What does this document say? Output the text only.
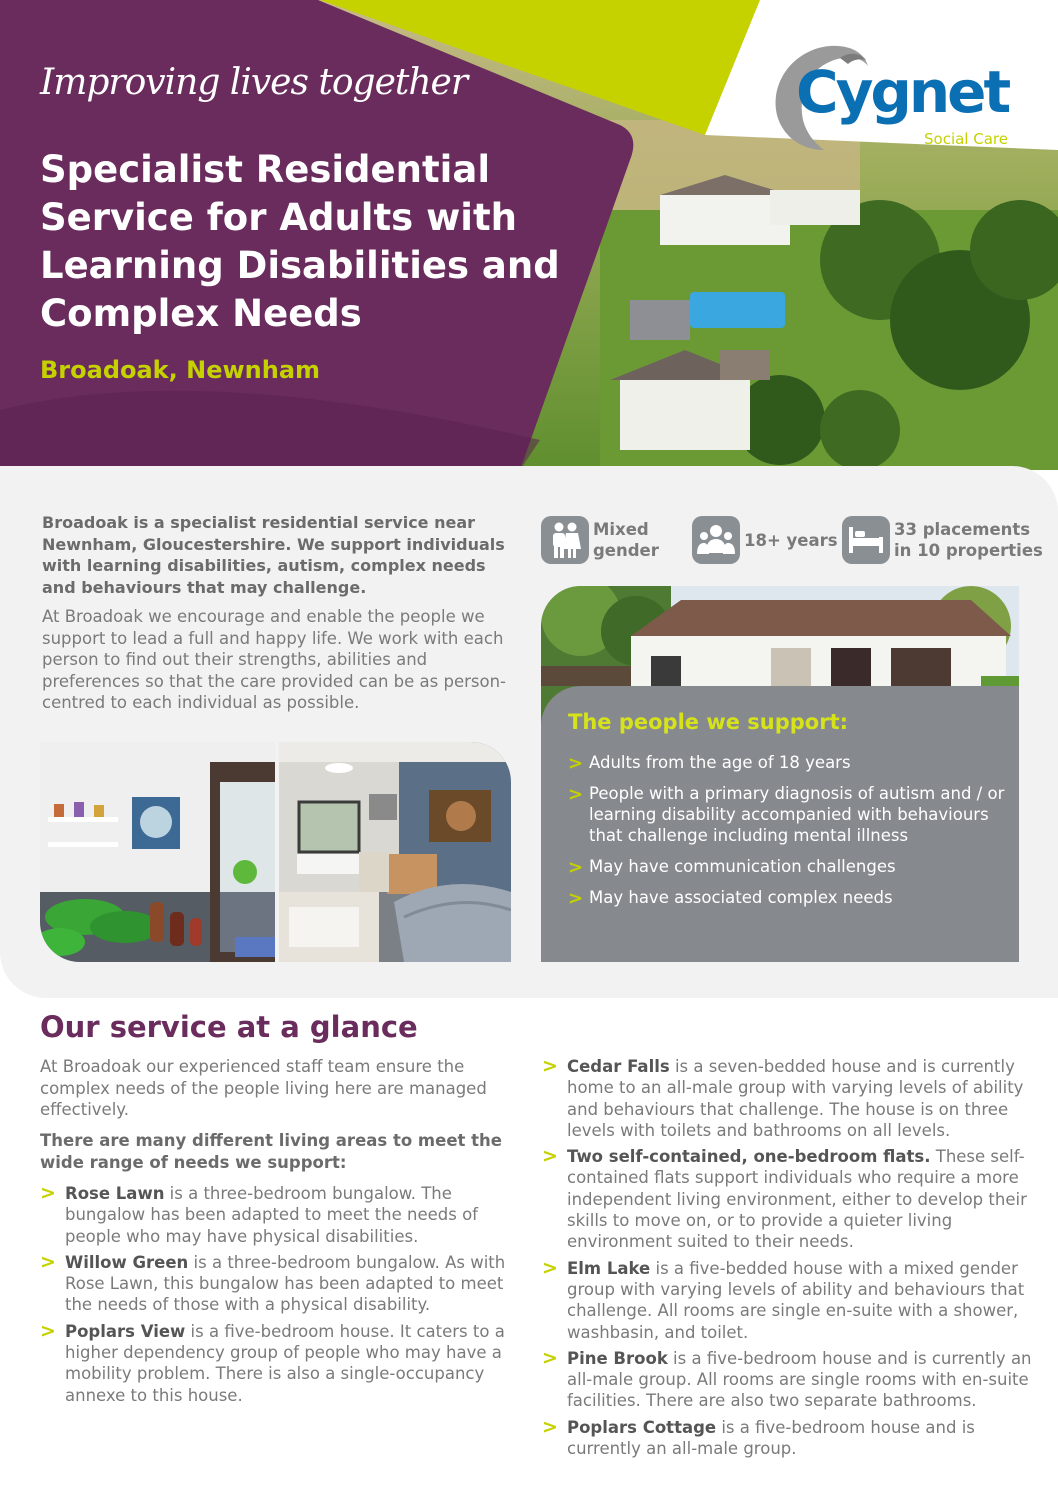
Improving lives together
Specialist Residential Service for Adults with Learning Disabilities and Complex Needs
Broadoak, Newnham
Cygnet
Social Care

Broadoak is a specialist residential service near Newnham, Gloucestershire. We support individuals with learning disabilities, autism, complex needs and behaviours that may challenge.

At Broadoak we encourage and enable the people we support to lead a full and happy life. We work with each person to find out their strengths, abilities and preferences so that the care provided can be as person-centred to each individual as possible.

Mixed
gender
18+ years
33 placements
in 10 properties
The people we support:
> Adults from the age of 18 years
> People with a primary diagnosis of autism and / or learning disability accompanied with behaviours that challenge including mental illness
> May have communication challenges
> May have associated complex needs
Our service at a glance

At Broadoak our experienced staff team ensure the complex needs of the people living here are managed effectively.

There are many different living areas to meet the wide range of needs we support:

> Rose Lawn is a three-bedroom bungalow. The bungalow has been adapted to meet the needs of people who may have physical disabilities.
> Willow Green is a three-bedroom bungalow. As with Rose Lawn, this bungalow has been adapted to meet the needs of those with a physical disability.
> Poplars View is a five-bedroom house. It caters to a higher dependency group of people who may have a mobility problem. There is also a single-occupancy annexe to this house.
> Cedar Falls is a seven-bedded house and is currently home to an all-male group with varying levels of ability and behaviours that challenge. The house is on three levels with toilets and bathrooms on all levels.
> Two self-contained, one-bedroom flats. These self-contained flats support individuals who require a more independent living environment, either to develop their skills to move on, or to provide a quieter living environment suited to their needs.
> Elm Lake is a five-bedded house with a mixed gender group with varying levels of ability and behaviours that challenge. All rooms are single en-suite with a shower, washbasin, and toilet.
> Pine Brook is a five-bedroom house and is currently an all-male group. All rooms are single rooms with en-suite facilities. There are also two separate bathrooms.
> Poplars Cottage is a five-bedroom house and is currently an all-male group.
